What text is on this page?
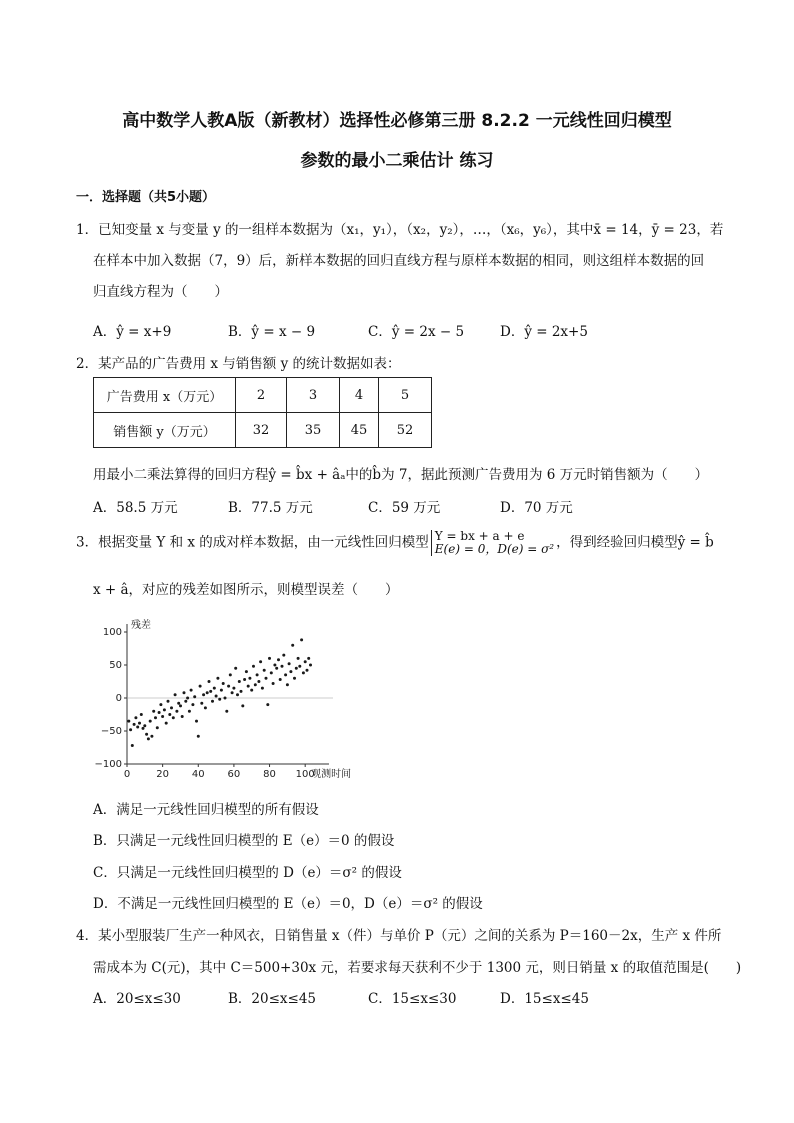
高中数学人教A版（新教材）选择性必修第三册 8.2.2 一元线性回归模型
参数的最小二乘估计 练习
一．选择题（共5小题）
1．已知变量 x 与变量 y 的一组样本数据为（x₁，y₁），（x₂，y₂），…，（x₆，y₆），其中x̄ = 14，ȳ = 23，若
在样本中加入数据（7，9）后，新样本数据的回归直线方程与原样本数据的相同，则这组样本数据的回
归直线方程为（　　）
A．ŷ = x+9	B．ŷ = x − 9	C．ŷ = 2x − 5	D．ŷ = 2x+5
2．某产品的广告费用 x 与销售额 y 的统计数据如表：
广告费用 x（万元）	2	3	4	5
销售额 y（万元）	32	35	45	52
用最小二乘法算得的回归方程ŷ = b̂x + âₐ中的b̂为 7，据此预测广告费用为 6 万元时销售额为（　　）
A．58.5 万元	B．77.5 万元	C．59 万元	D．70 万元
3．根据变量 Y 和 x 的成对样本数据，由一元线性回归模型 Y = bx + a + e
E(e) = 0，D(e) = σ² ，得到经验回归模型ŷ = b̂
x + â，对应的残差如图所示，则模型误差（　　）
100
50
0
−50
−100
0	20 40 60 80 100
残差
观测时间
A．满足一元线性回归模型的所有假设
B．只满足一元线性回归模型的 E（e）＝0 的假设
C．只满足一元线性回归模型的 D（e）＝σ² 的假设
D．不满足一元线性回归模型的 E（e）＝0，D（e）＝σ² 的假设
4．某小型服装厂生产一种风衣，日销售量 x（件）与单价 P（元）之间的关系为 P＝160－2x，生产 x 件所
需成本为 C(元)，其中 C＝500+30x 元，若要求每天获利不少于 1300 元，则日销量 x 的取值范围是(　　)
A．20≤x≤30	B．20≤x≤45	C．15≤x≤30	D．15≤x≤45
